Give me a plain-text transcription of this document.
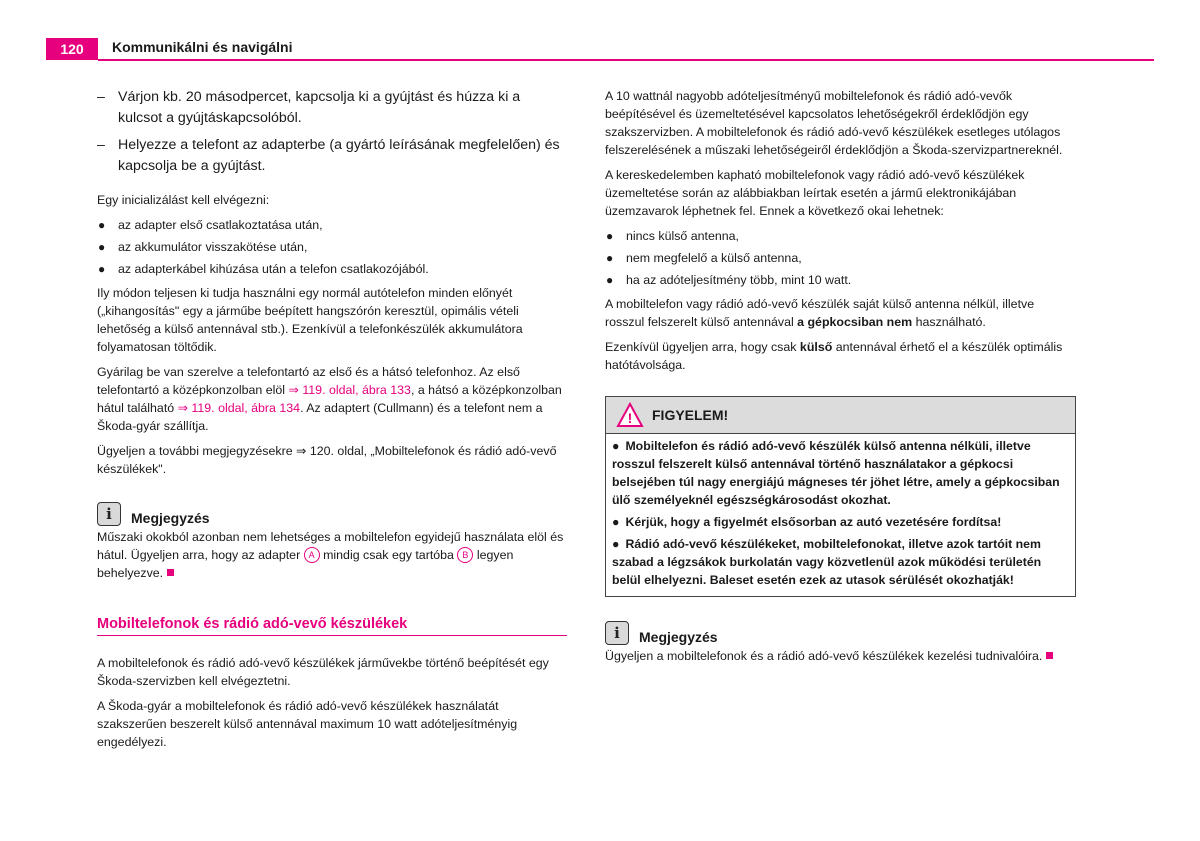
120	Kommunikálni és navigálni
– Várjon kb. 20 másodpercet, kapcsolja ki a gyújtást és húzza ki a kulcsot a gyújtáskapcsolóból.
– Helyezze a telefont az adapterbe (a gyártó leírásának megfelelően) és kapcsolja be a gyújtást.

Egy inicializálást kell elvégezni:

● az adapter első csatlakoztatása után,
● az akkumulátor visszakötése után,
● az adapterkábel kihúzása után a telefon csatlakozójából.

Ily módon teljesen ki tudja használni egy normál autótelefon minden előnyét („kihangosítás" egy a járműbe beépített hangszórón keresztül, opimális vételi lehetőség a külső antennával stb.). Ezenkívül a telefonkészülék akkumulátora folyamatosan töltődik.

Gyárilag be van szerelve a telefontartó az első és a hátsó telefonhoz. Az első telefontartó a középkonzolban elöl ⇒ 119. oldal, ábra 133, a hátsó a középkonzolban hátul található ⇒ 119. oldal, ábra 134. Az adaptert (Cullmann) és a telefont nem a Škoda-gyár szállítja.

Ügyeljen a további megjegyzésekre ⇒ 120. oldal, „Mobiltelefonok és rádió adó-vevő készülékek".

i	Megjegyzés

Műszaki okokból azonban nem lehetséges a mobiltelefon egyidejű használata elöl és hátul. Ügyeljen arra, hogy az adapter A mindig csak egy tartóba B legyen behelyezve.

Mobiltelefonok és rádió adó-vevő készülékek

A mobiltelefonok és rádió adó-vevő készülékek járművekbe történő beépítését egy Škoda-szervizben kell elvégeztetni.

A Škoda-gyár a mobiltelefonok és rádió adó-vevő készülékek használatát szakszerűen beszerelt külső antennával maximum 10 watt adóteljesítményig engedélyezi.

A 10 wattnál nagyobb adóteljesítményű mobiltelefonok és rádió adó-vevők beépítésével és üzemeltetésével kapcsolatos lehetőségekről érdeklődjön egy szakszervizben. A mobiltelefonok és rádió adó-vevő készülékek esetleges utólagos felszerelésének a műszaki lehetőségeiről érdeklődjön a Škoda-szervizpartnereknél.

A kereskedelemben kapható mobiltelefonok vagy rádió adó-vevő készülékek üzemeltetése során az alábbiakban leírtak esetén a jármű elektronikájában üzemzavarok léphetnek fel. Ennek a következő okai lehetnek:

● nincs külső antenna,
● nem megfelelő a külső antenna,
● ha az adóteljesítmény több, mint 10 watt.

A mobiltelefon vagy rádió adó-vevő készülék saját külső antenna nélkül, illetve rosszul felszerelt külső antennával a gépkocsiban nem használható.

Ezenkívül ügyeljen arra, hogy csak külső antennával érhető el a készülék optimális hatótávolsága.

! FIGYELEM!

● Mobiltelefon és rádió adó-vevő készülék külső antenna nélküli, illetve rosszul felszerelt külső antennával történő használatakor a gépkocsi belsejében túl nagy energiájú mágneses tér jöhet létre, amely a gépkocsiban ülő személyeknél egészségkárosodást okozhat.

● Kérjük, hogy a figyelmét elsősorban az autó vezetésére fordítsa!

● Rádió adó-vevő készülékeket, mobiltelefonokat, illetve azok tartóit nem szabad a légzsákok burkolatán vagy közvetlenül azok működési területén belül elhelyezni. Baleset esetén ezek az utasok sérülését okozhatják!

i	Megjegyzés

Ügyeljen a mobiltelefonok és a rádió adó-vevő készülékek kezelési tudnivalóira.
